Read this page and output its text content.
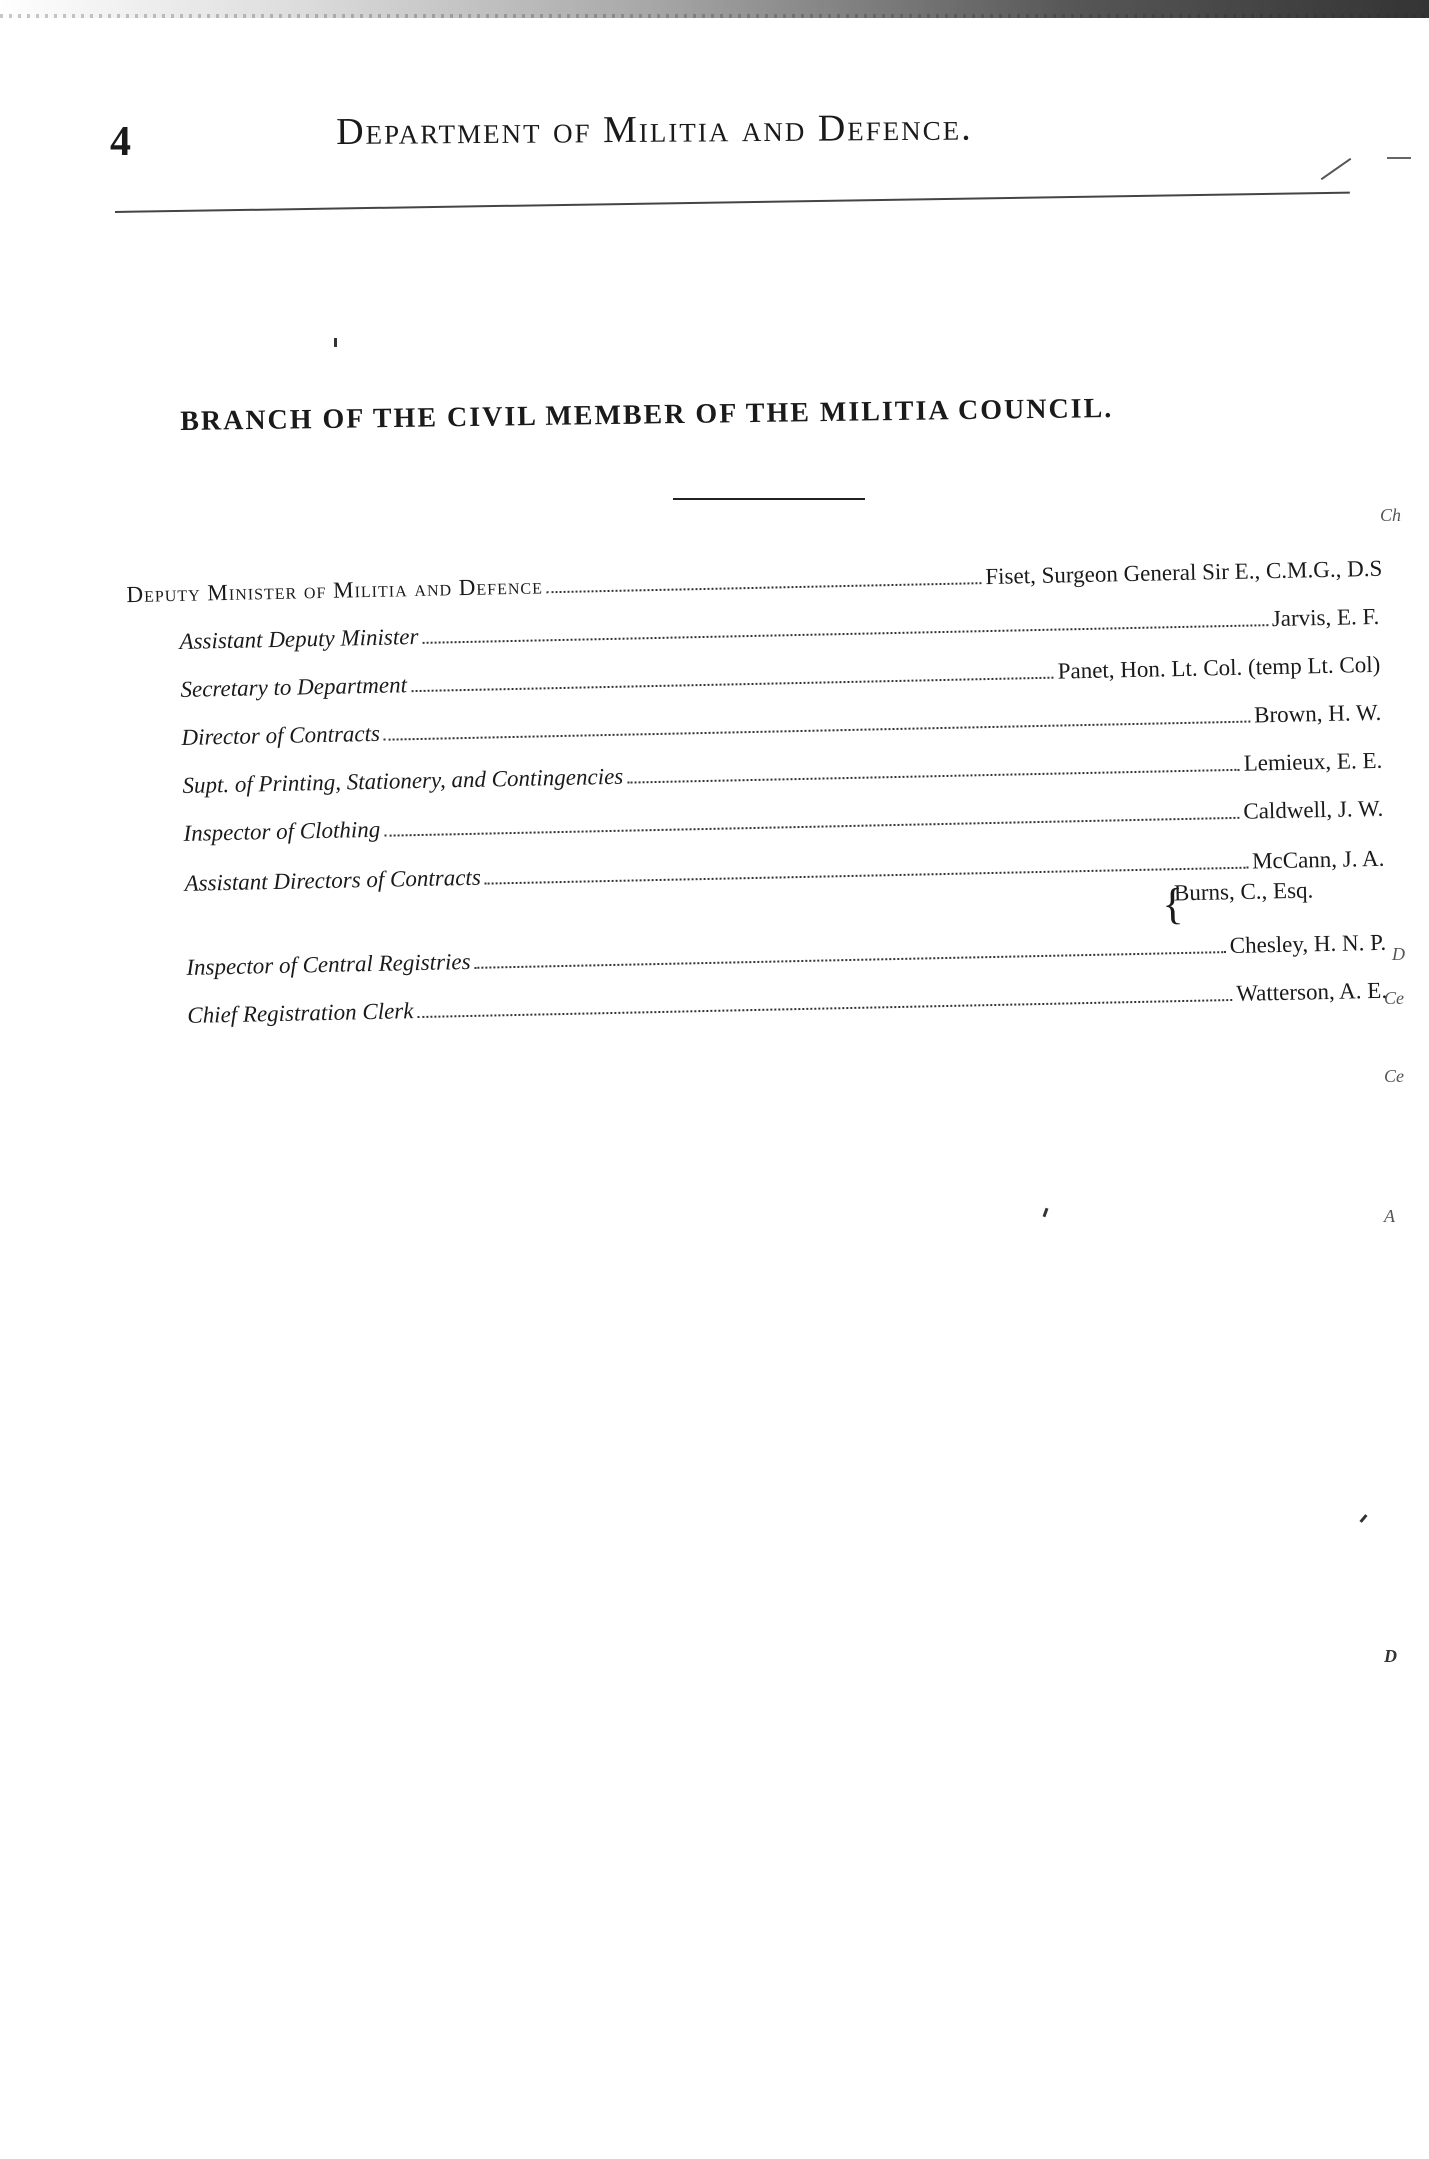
4	Department of Militia and Defence.
BRANCH OF THE CIVIL MEMBER OF THE MILITIA COUNCIL.
Deputy Minister of Militia and Defence
Fiset, Surgeon General Sir E., C.M.G., D.S
Assistant Deputy Minister
Jarvis, E. F.
Secretary to Department
Panet, Hon. Lt. Col. (temp Lt. Col)
Director of Contracts
Brown, H. W.
Supt. of Printing, Stationery, and Contingencies
Lemieux, E. E.
Inspector of Clothing
Caldwell, J. W.
Assistant Directors of Contracts
McCann, J. A.
Inspector of Central Registries
Chesley, H. N. P.
Chief Registration Clerk
Watterson, A. E.
{
Burns, C., Esq.
Ch
D
Ce
Ce
A
D
